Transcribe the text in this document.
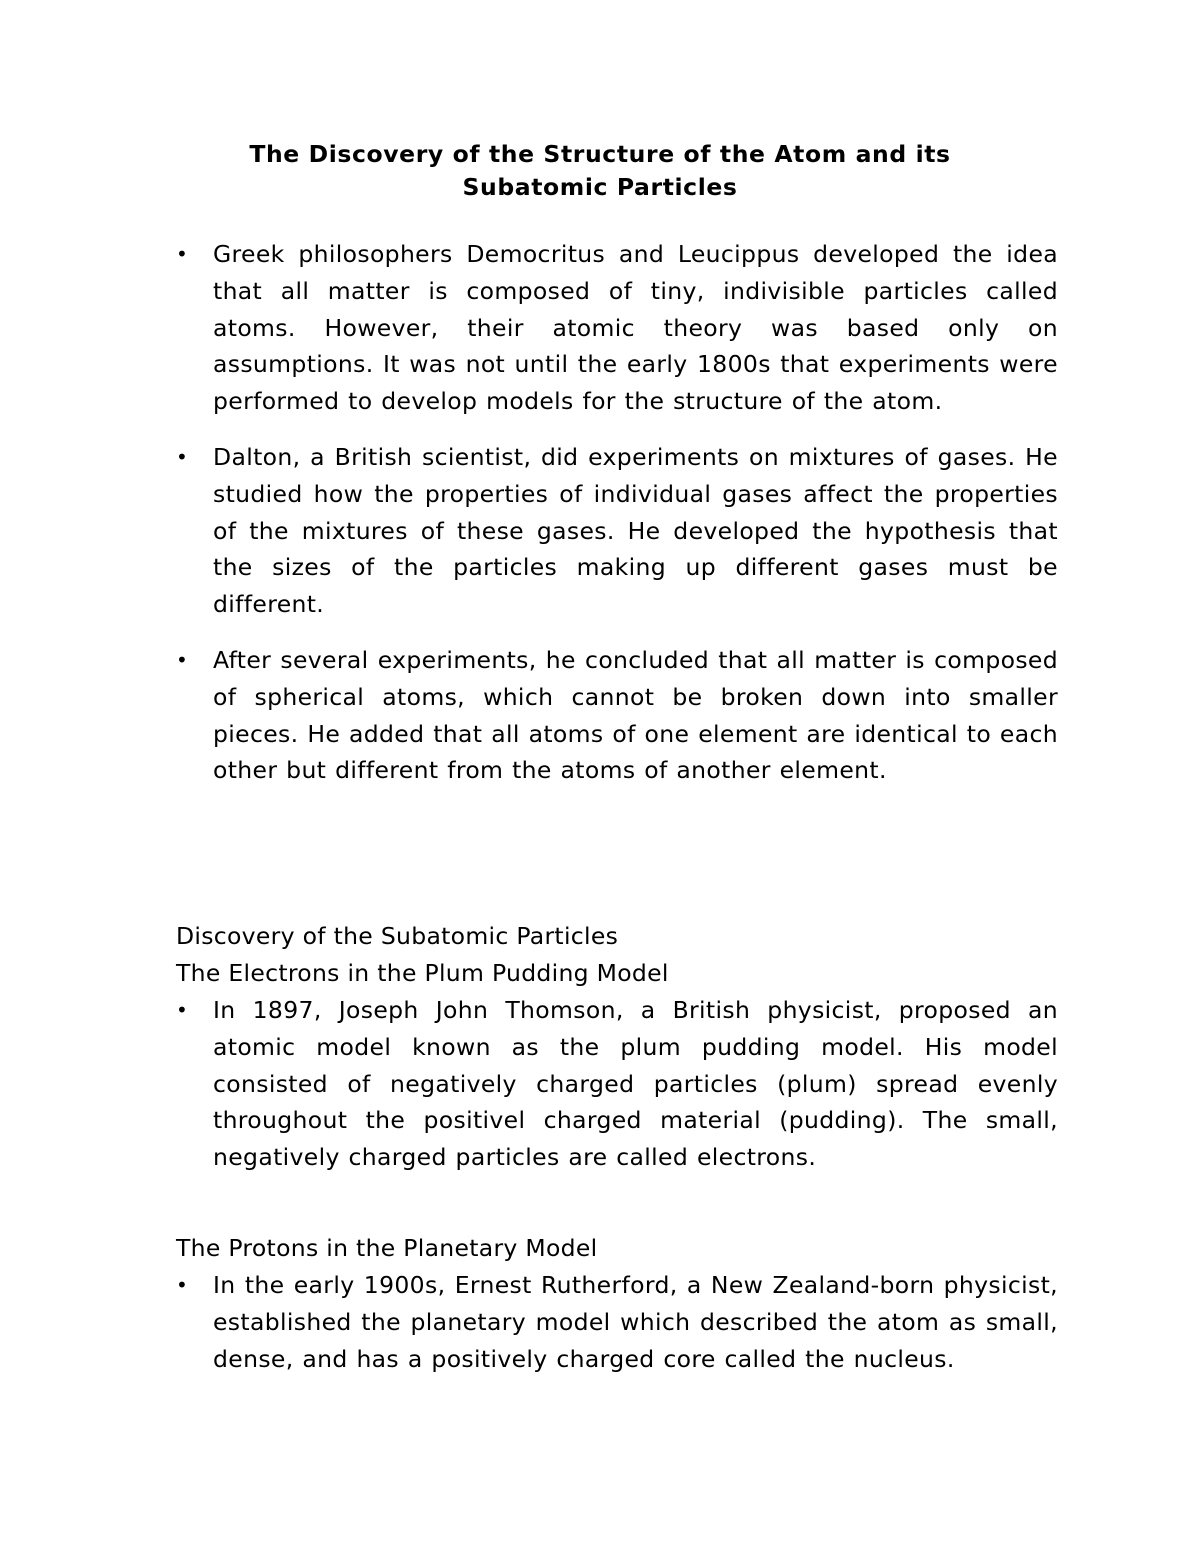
The Discovery of the Structure of the Atom and its
Subatomic Particles
•	Greek philosophers Democritus and Leucippus developed the idea that all matter is composed of tiny, indivisible particles called atoms. However, their atomic theory was based only on assumptions. It was not until the early 1800s that experiments were performed to develop models for the structure of the atom.
•	Dalton, a British scientist, did experiments on mixtures of gases. He studied how the properties of individual gases affect the properties of the mixtures of these gases. He developed the hypothesis that the sizes of the particles making up different gases must be different.
•	After several experiments, he concluded that all matter is composed of spherical atoms, which cannot be broken down into smaller pieces. He added that all atoms of one element are identical to each other but different from the atoms of another element.

Discovery of the Subatomic Particles

The Electrons in the Plum Pudding Model

•	In 1897, Joseph John Thomson, a British physicist, proposed an atomic model known as the plum pudding model. His model consisted of negatively charged particles (plum) spread evenly throughout the positivel charged material (pudding). The small, negatively charged particles are called electrons.

The Protons in the Planetary Model

•	In the early 1900s, Ernest Rutherford, a New Zealand-born physicist, established the planetary model which described the atom as small, dense, and has a positively charged core called the nucleus.
